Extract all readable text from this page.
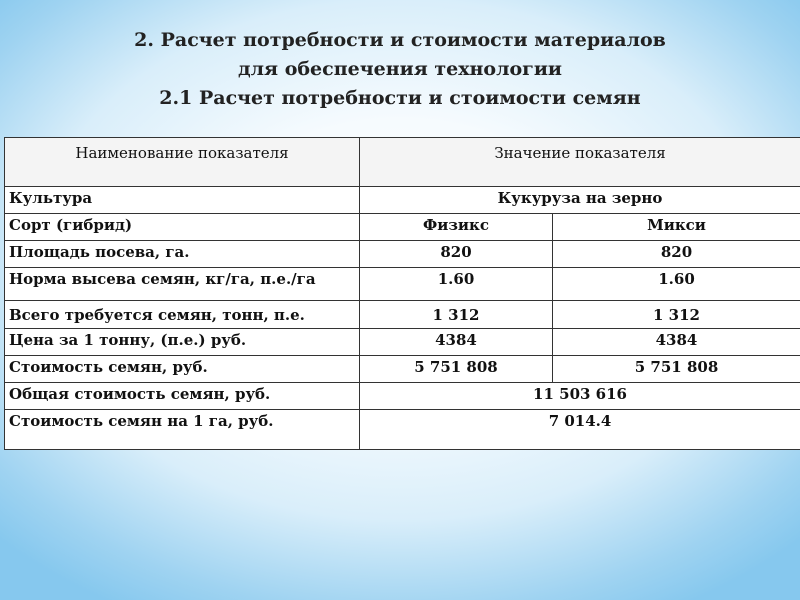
2. Расчет потребности и стоимости материалов
для обеспечения технологии
2.1 Расчет потребности и стоимости семян
Наименование показателя	Значение показателя	
Культура	Кукуруза на зерно	
Сорт (гибрид)	Физикс	Микси
Площадь посева, га.	820	820
Норма высева семян, кг/га, п.е./га	1.60	1.60
Всего требуется семян, тонн, п.е.	1 312	1 312
Цена за 1 тонну, (п.е.) руб.	4384	4384
Стоимость семян, руб.	5 751 808	5 751 808
Общая стоимость семян, руб.	11 503 616	
Стоимость семян на 1 га, руб.	7 014.4	
